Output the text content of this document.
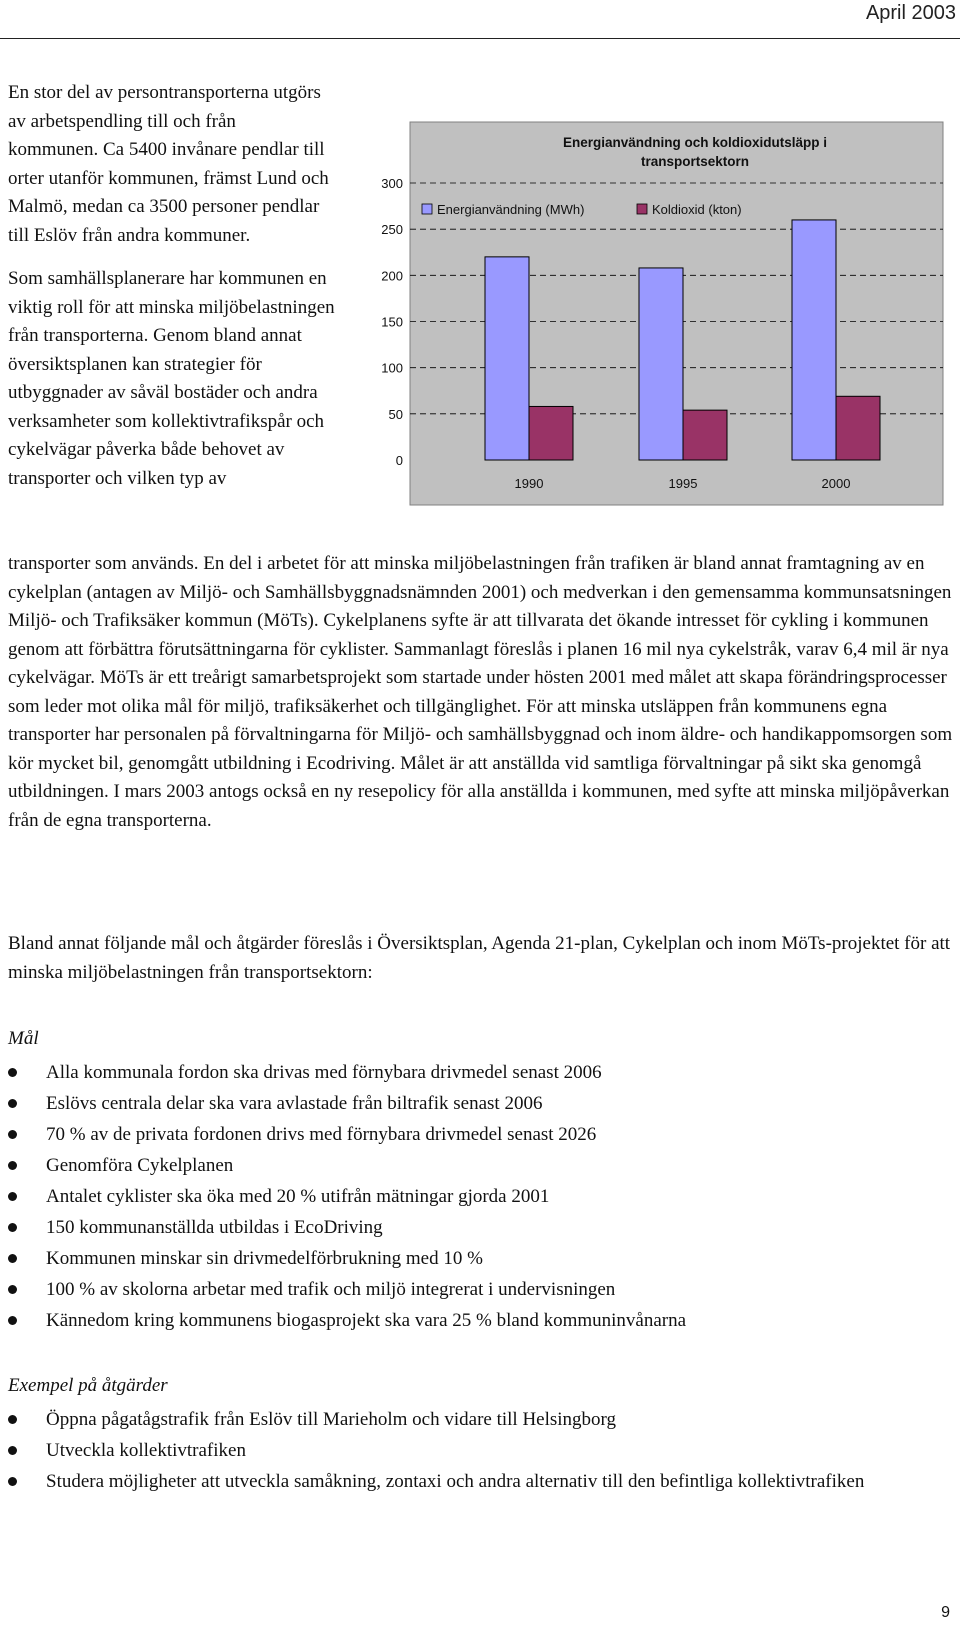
April 2003

En stor del av persontransporterna utgörs av arbetspendling till och från kommunen. Ca 5400 invånare pendlar till orter utanför kommunen, främst Lund och Malmö, medan ca 3500 personer pendlar till Eslöv från andra kommuner.

Som samhällsplanerare har kommunen en viktig roll för att minska miljöbelastningen från transporterna. Genom bland annat översiktsplanen kan strategier för utbyggnader av såväl bostäder och andra verksamheter som kollektivtrafikspår och cykelvägar påverka både behovet av transporter och vilken typ av

transporter som används. En del i arbetet för att minska miljöbelastningen från trafiken är bland annat framtagning av en cykelplan (antagen av Miljö- och Samhällsbyggnadsnämnden 2001) och medverkan i den gemensamma kommunsatsningen Miljö- och Trafiksäker kommun (MöTs). Cykelplanens syfte är att tillvarata det ökande intresset för cykling i kommunen genom att förbättra förutsättningarna för cyklister. Sammanlagt föreslås i planen 16 mil nya cykelstråk, varav 6,4 mil är nya cykelvägar. MöTs är ett treårigt samarbetsprojekt som startade under hösten 2001 med målet att skapa förändringsprocesser som leder mot olika mål för miljö, trafiksäkerhet och tillgänglighet. För att minska utsläppen från kommunens egna transporter har personalen på förvaltningarna för Miljö- och samhällsbyggnad och inom äldre- och handikappomsorgen som kör mycket bil, genomgått utbildning i Ecodriving. Målet är att anställda vid samtliga förvaltningar på sikt ska genomgå utbildningen. I mars 2003 antogs också en ny resepolicy för alla anställda i kommunen, med syfte att minska miljöpåverkan från de egna transporterna.

Bland annat följande mål och åtgärder föreslås i Översiktsplan, Agenda 21-plan, Cykelplan och inom MöTs-projektet för att minska miljöbelastningen från transportsektorn:

Mål
Alla kommunala fordon ska drivas med förnybara drivmedel senast 2006
Eslövs centrala delar ska vara avlastade från biltrafik senast 2006
70 % av de privata fordonen drivs med förnybara drivmedel senast 2026
Genomföra Cykelplanen
Antalet cyklister ska öka med 20 % utifrån mätningar gjorda 2001
150 kommunanställda utbildas i EcoDriving
Kommunen minskar sin drivmedelförbrukning med 10 %
100 % av skolorna arbetar med trafik och miljö integrerat i undervisningen
Kännedom kring kommunens biogasprojekt ska vara 25 % bland kommuninvånarna
Exempel på åtgärder
Öppna pågatågstrafik från Eslöv till Marieholm och vidare till Helsingborg
Utveckla kollektivtrafiken
Studera möjligheter att utveckla samåkning, zontaxi och andra alternativ till den befintliga kollektivtrafiken
0
50
100
150
200
250
300
Energianvändning och koldioxidutsläpp i transportsektorn
Energianvändning (MWh)	Koldioxid (kton)
1990	1995	2000
9
